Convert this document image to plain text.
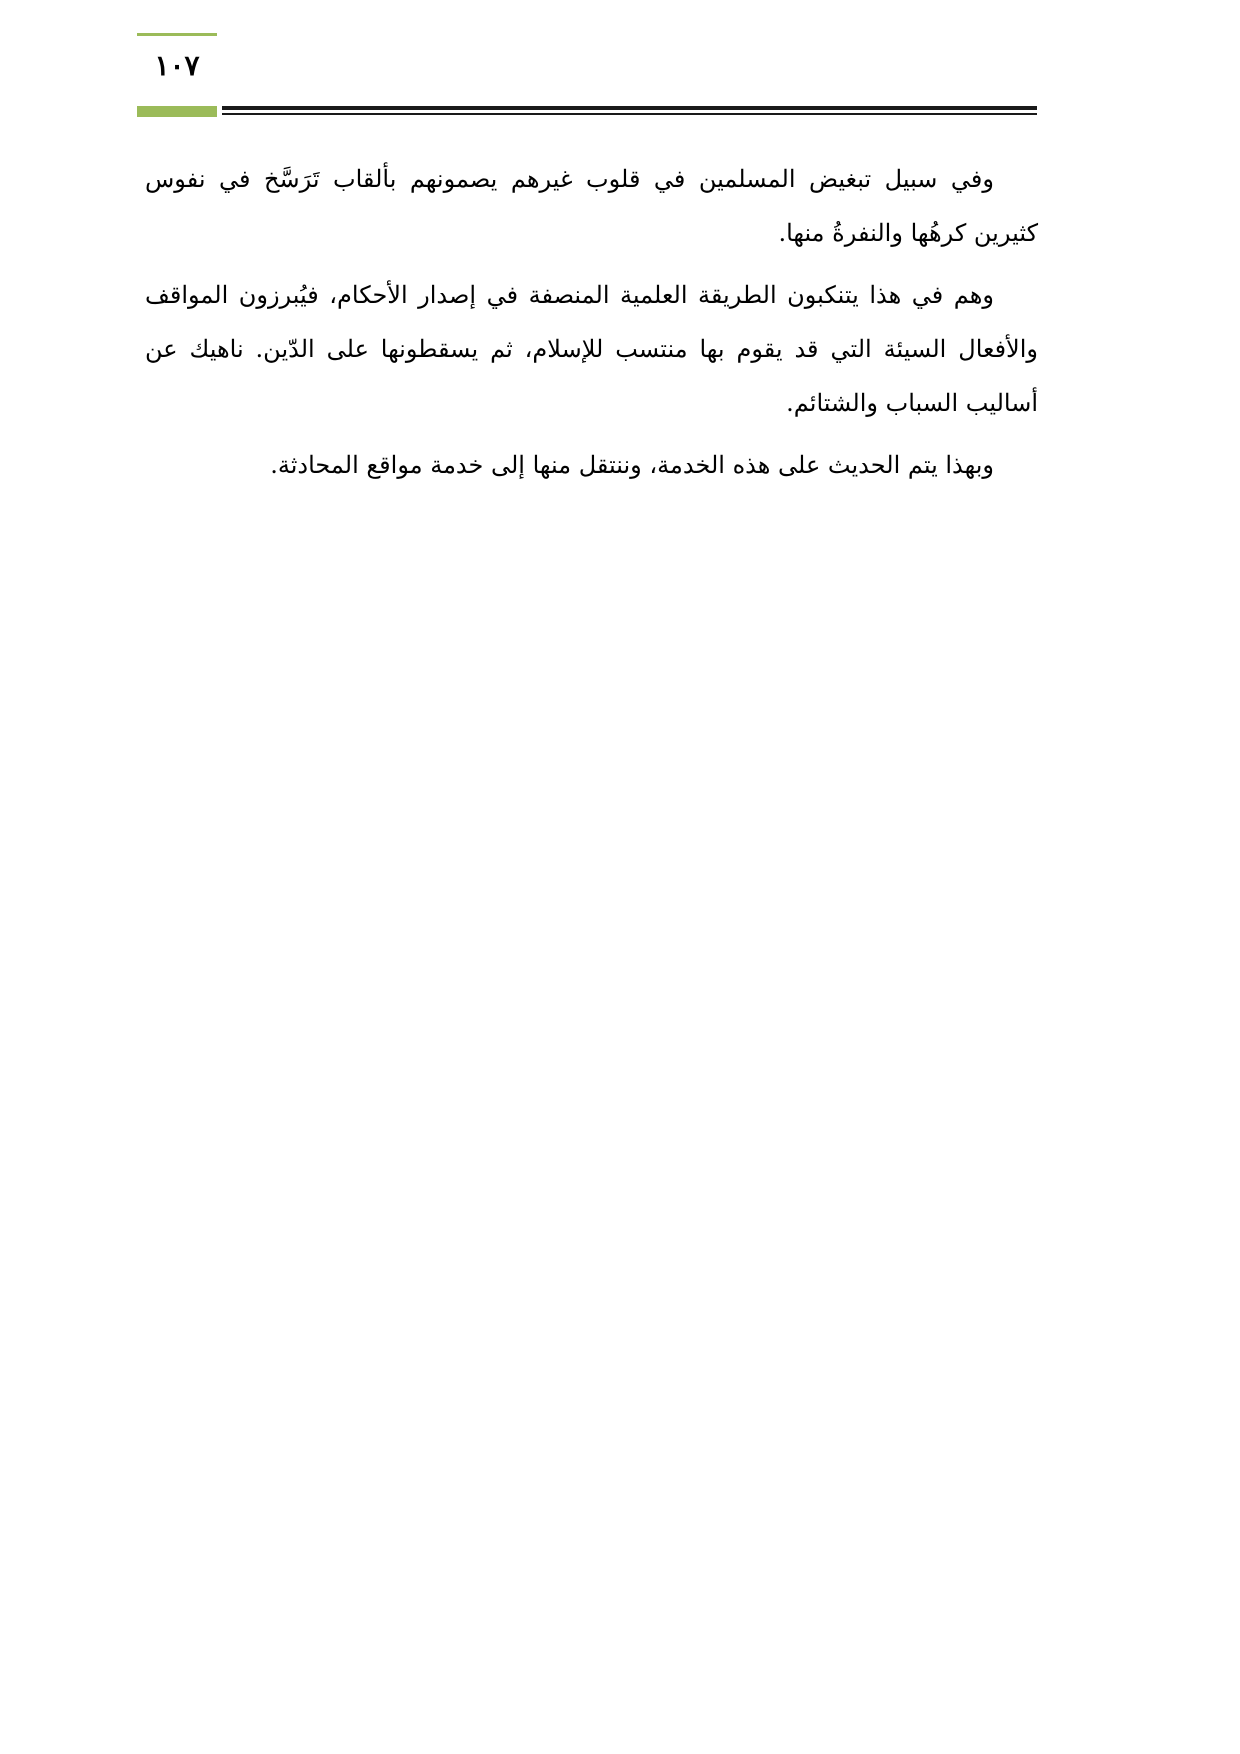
١٠٧

وفي سبيل تبغيض المسلمين في قلوب غيرهم يصمونهم بألقاب تَرَسَّخ في نفوس كثيرين كرهُها والنفرةُ منها.

وهم في هذا يتنكبون الطريقة العلمية المنصفة في إصدار الأحكام، فيُبرزون المواقف والأفعال السيئة التي قد يقوم بها منتسب للإسلام، ثم يسقطونها على الدّين. ناهيك عن أساليب السباب والشتائم.

وبهذا يتم الحديث على هذه الخدمة، وننتقل منها إلى خدمة مواقع المحادثة.
